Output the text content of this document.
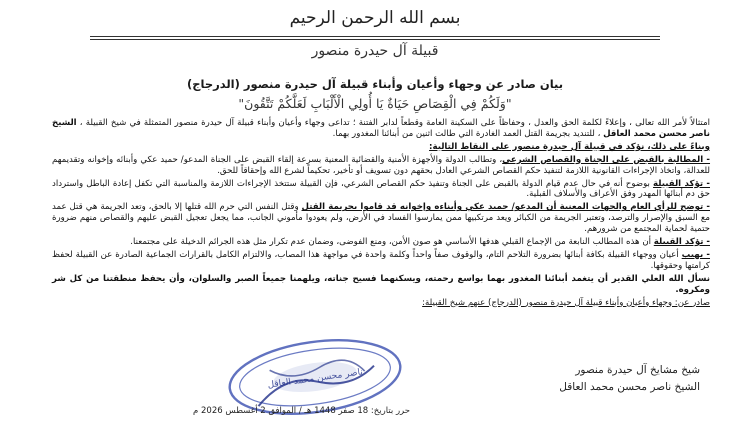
بسم الله الرحمن الرحيم
قبيلة آل حيدرة منصور
بيان صادر عن وجهاء وأعيان وأبناء قبيلة آل حيدرة منصور (الدرجاج)
"وَلَكُمْ فِي الْقِصَاصِ حَيَاةٌ يَا أُولِي الْأَلْبَابِ لَعَلَّكُمْ تَتَّقُونَ"

امتثالاً لأمر الله تعالى ، وإعلاءً لكلمة الحق والعدل ، وحفاظاً على السكينة العامة وقطعاً لدابر الفتنة ؛ تداعى وجهاء وأعيان وأبناء قبيلة آل حيدرة منصور المتمثلة في شيخ القبيلة ، الشيخ ناصر محسن محمد العاقل ، للتنديد بجريمة القتل العمد الغادرة التي طالت اثنين من أبنائنا المغدور بهما.

وبناءً على ذلك، نؤكد في قبيلة آل حيدرة منصور على النقاط التالية:

- المطالبة بالقبض على الجناة والقصاص الشرعي، وتطالب الدولة والأجهزة الأمنية والقضائية المعنية بسرعة إلقاء القبض على الجناة المدعو/ حميد عكي وأبنائه وإخوانه وتقديمهم للعدالة، واتخاذ الإجراءات القانونية اللازمة لتنفيذ حكم القصاص الشرعي العادل بحقهم دون تسويف أو تأخير، تحكيماً لشرع الله وإحقاقاً للحق.

- تؤكد القبيلة بوضوح أنه في حال عدم قيام الدولة بالقبض على الجناة وتنفيذ حكم القصاص الشرعي، فإن القبيلة ستتخذ الإجراءات اللازمة والمناسبة التي تكفل إعادة الباطل واسترداد حق دم أبنائها المهدر وفق الأعراف والأسلاف القبلية.

- توضح للرأي العام والجهات المعنية أن المدعو/ حميد عكي وأبناءه وإخوانه قد قاموا بجريمة القتل وقتل النفس التي حرم الله قتلها إلا بالحق، وتعد الجريمة هي قتل عمد مع السبق والإصرار والترصد، وتعتبر الجريمة من الكبائر ويعد مرتكبيها ممن يمارسوا الفساد في الأرض، ولم يعودوا مأموني الجانب، مما يجعل تعجيل القبض عليهم والقصاص منهم ضرورة حتمية لحماية المجتمع من شرورهم.

- تؤكد القبيلة أن هذه المطالب النابعة من الإجماع القبلي هدفها الأساسي هو صون الأمن، ومنع الفوضى، وضمان عدم تكرار مثل هذه الجرائم الدخيلة على مجتمعنا.

- يهيب أعيان ووجهاء القبيلة بكافة أبنائها بضرورة التلاحم التام، والوقوف صفاً واحداً وكلمة واحدة في مواجهة هذا المصاب، والالتزام الكامل بالقرارات الجماعية الصادرة عن القبيلة لحفظ كرامتها وحقوقها.

نسأل الله العلي القدير أن يتغمد أبنائنا المغدور بهما بواسع رحمته، ويسكنهما فسيح جناته، ويلهمنا جميعاً الصبر والسلوان، وأن يحفظ منطقتنا من كل شر ومكروه.

صادر عن: وجهاء وأعيان وأبناء قبيلة آل حيدرة منصور (الدرجاج) عنهم شيخ القبيلة:

شيخ مشايخ آل حيدرة منصور
الشيخ ناصر محسن محمد العاقل
ناصر محسن محمد العاقل
حرر بتاريخ: 18 صفر 1448 هـ / الموافق 2 أغسطس 2026 م
